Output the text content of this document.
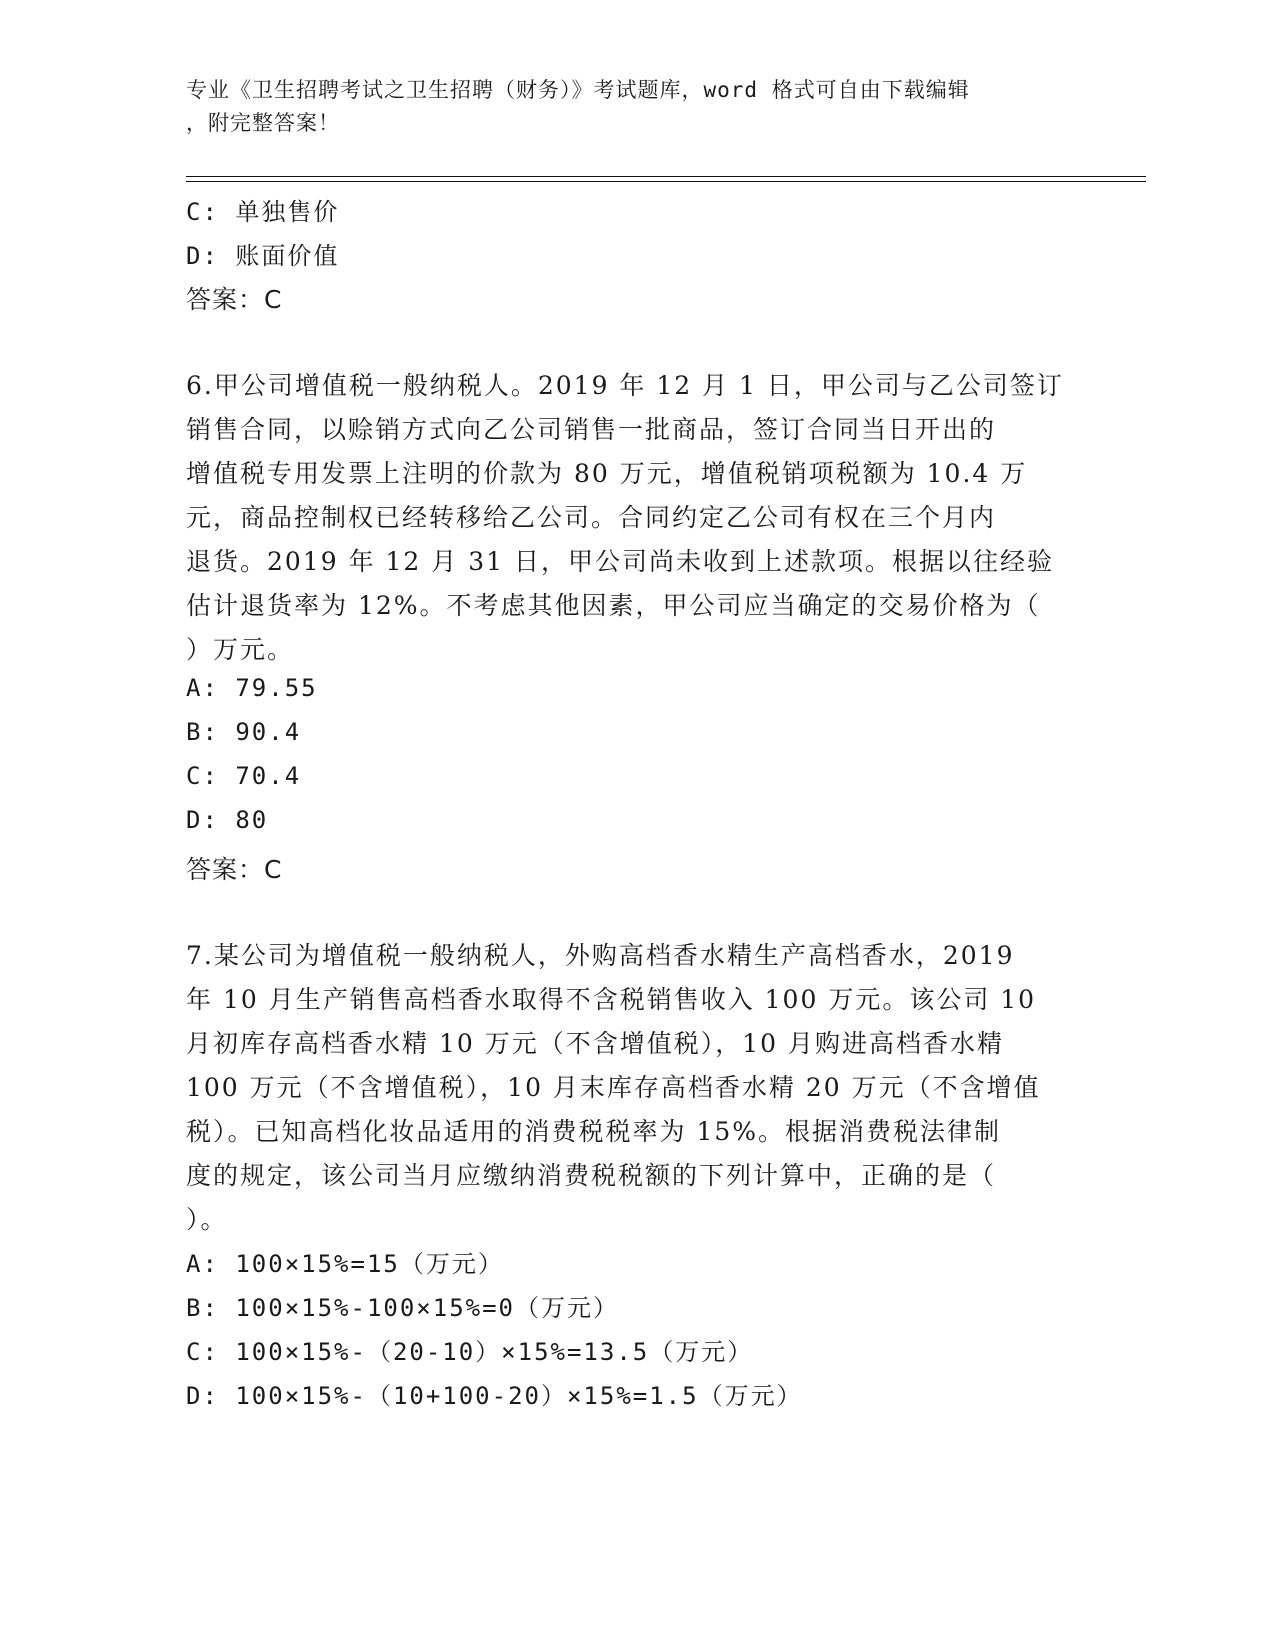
专业《卫生招聘考试之卫生招聘（财务）》考试题库，word 格式可自由下载编辑
，附完整答案！
C: 单独售价
D: 账面价值
答案：C
6.甲公司增值税一般纳税人。2019 年 12 月 1 日，甲公司与乙公司签订
销售合同，以赊销方式向乙公司销售一批商品，签订合同当日开出的
增值税专用发票上注明的价款为 80 万元，增值税销项税额为 10.4 万
元，商品控制权已经转移给乙公司。合同约定乙公司有权在三个月内
退货。2019 年 12 月 31 日，甲公司尚未收到上述款项。根据以往经验
估计退货率为 12%。不考虑其他因素，甲公司应当确定的交易价格为（
）万元。
A: 79.55
B: 90.4
C: 70.4
D: 80
答案：C
7.某公司为增值税一般纳税人，外购高档香水精生产高档香水，2019
年 10 月生产销售高档香水取得不含税销售收入 100 万元。该公司 10
月初库存高档香水精 10 万元（不含增值税），10 月购进高档香水精
100 万元（不含增值税），10 月末库存高档香水精 20 万元（不含增值
税）。已知高档化妆品适用的消费税税率为 15%。根据消费税法律制
度的规定，该公司当月应缴纳消费税税额的下列计算中，正确的是（
）。
A: 100×15%=15（万元）
B: 100×15%-100×15%=0（万元）
C: 100×15%-（20-10）×15%=13.5（万元）
D: 100×15%-（10+100-20）×15%=1.5（万元）
